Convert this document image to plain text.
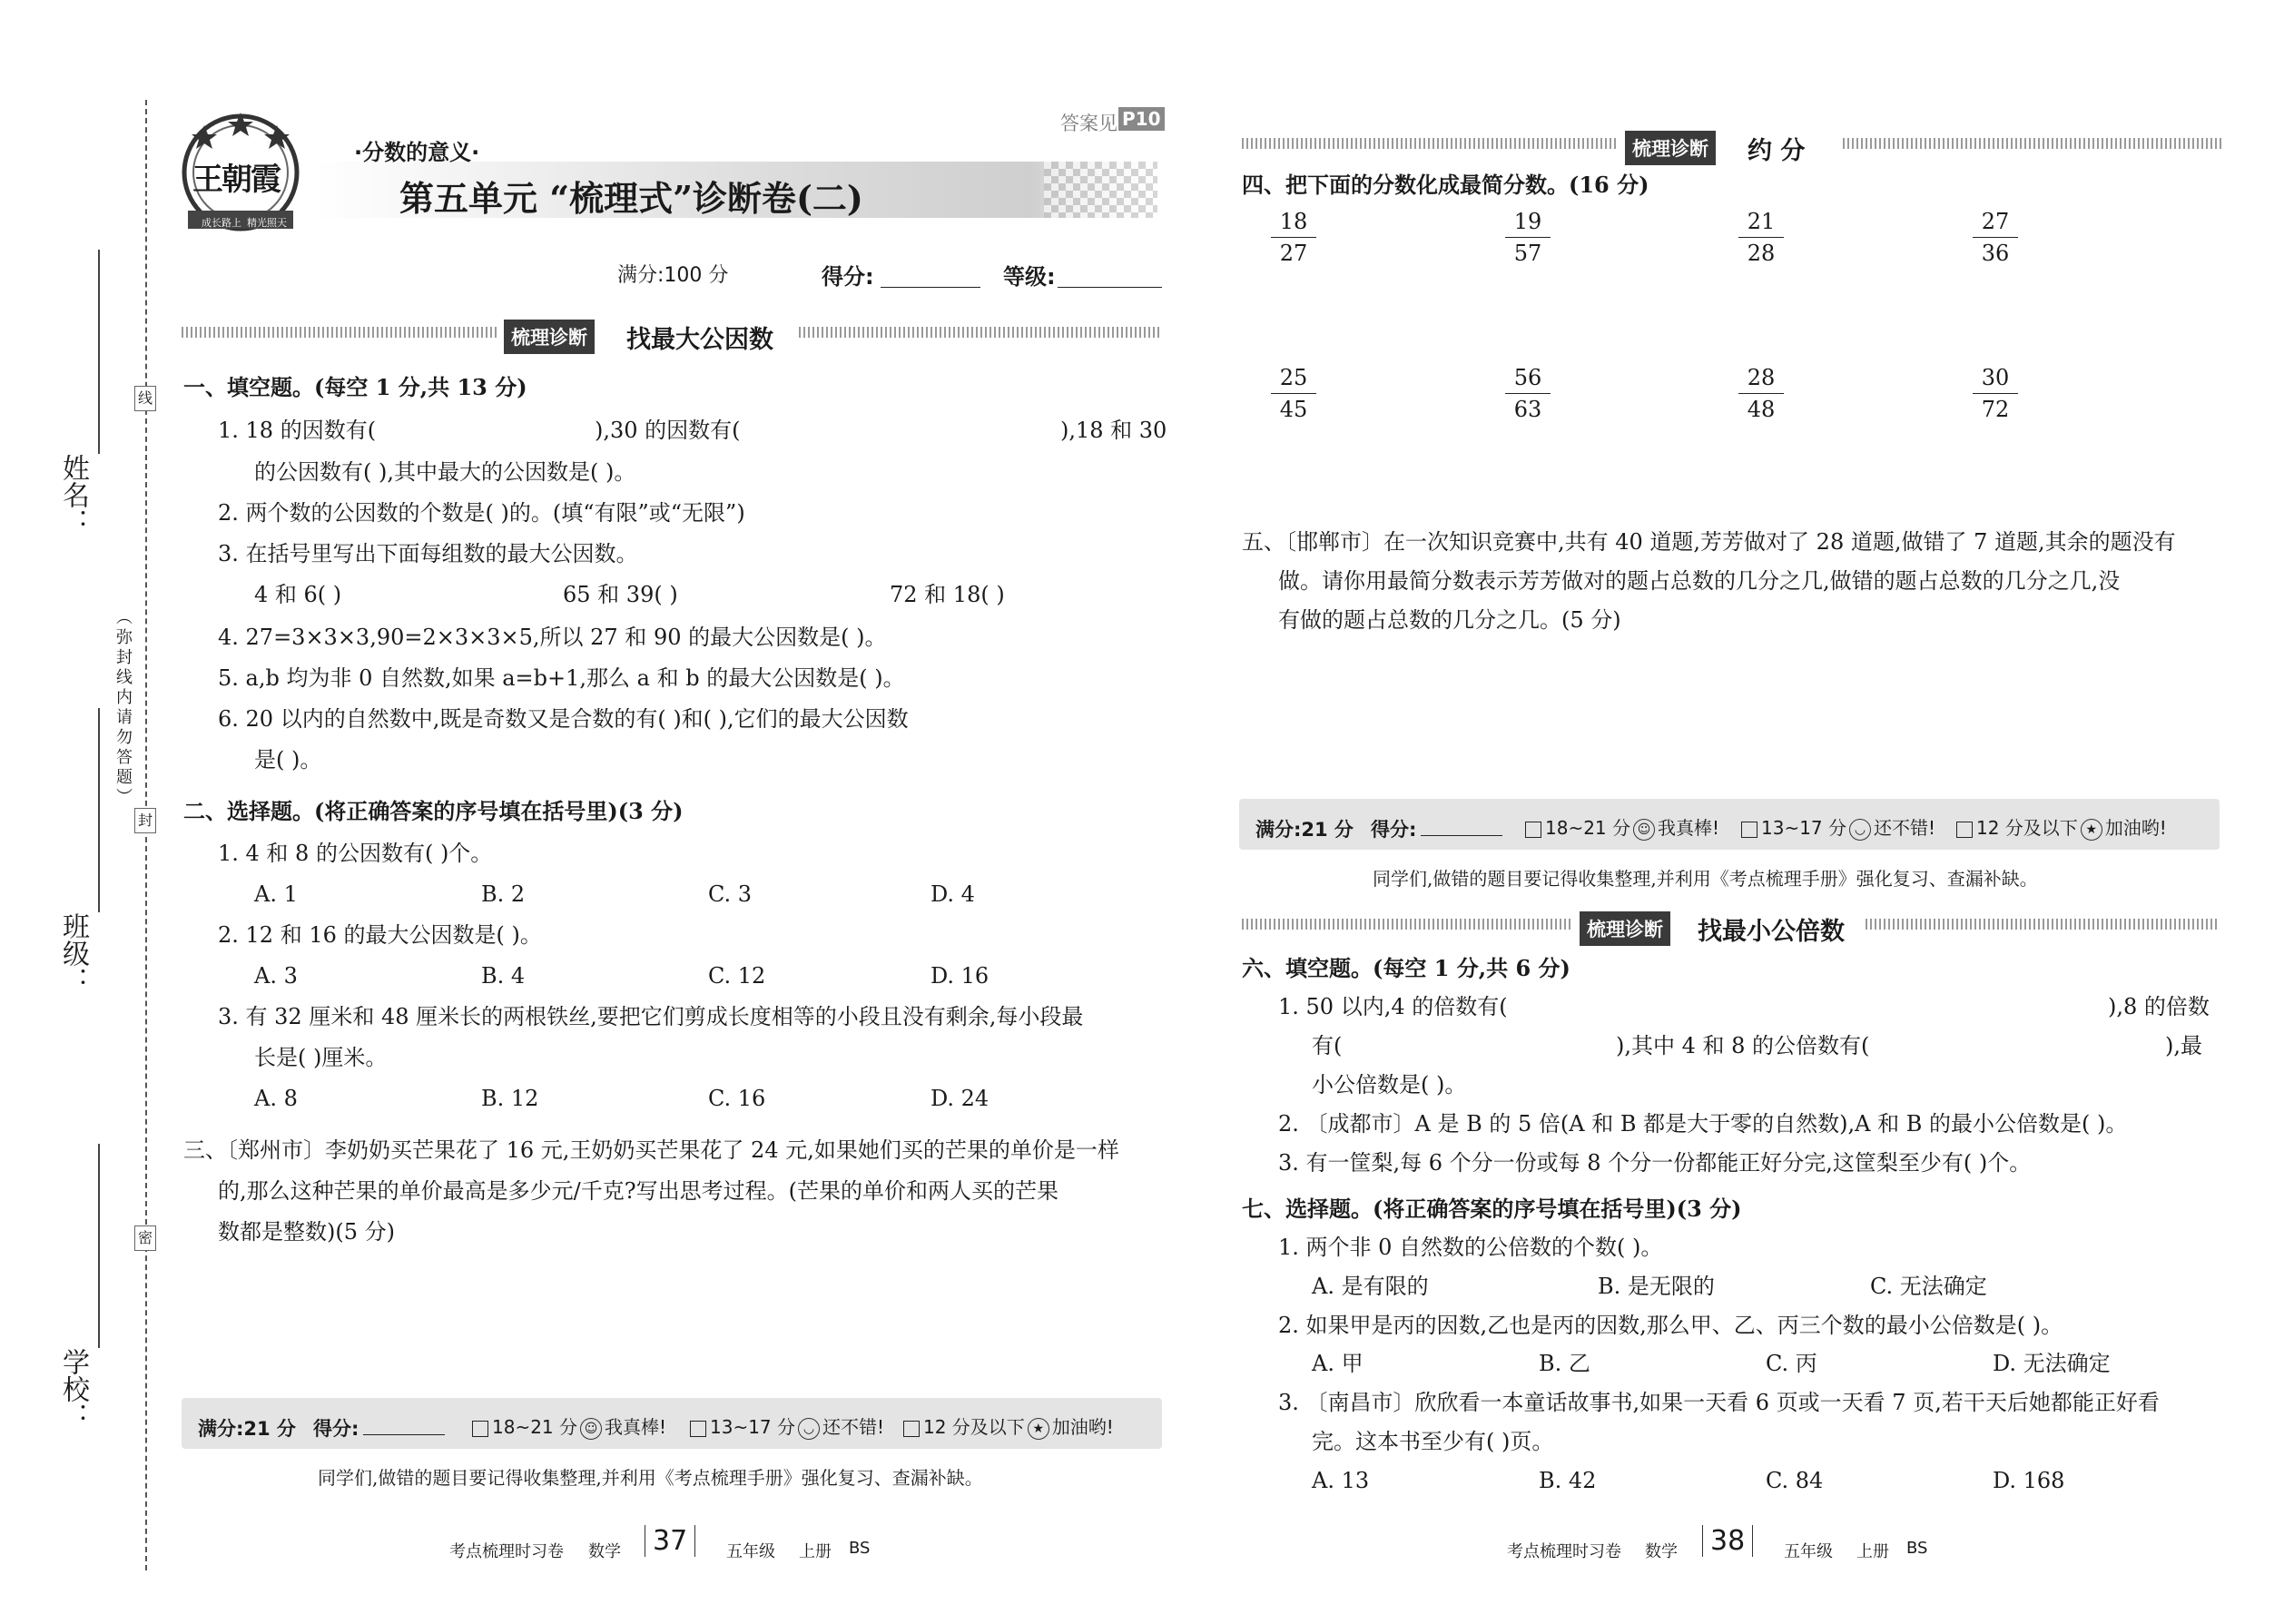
姓名：
班级：
学校：
（弥封线内请勿答题）
线
封
密
王朝霞
成长路上 精光照天
·分数的意义·
第五单元 “梳理式”诊断卷(二)
答案见 P10
满分:100 分	得分:	等级:
梳理诊断 找最大公因数
一、填空题。(每空 1 分,共 13 分)
1. 18 的因数有(	),30 的因数有(	),18 和 30
的公因数有( ),其中最大的公因数是( )。
2. 两个数的公因数的个数是( )的。(填“有限”或“无限”)
3. 在括号里写出下面每组数的最大公因数。
4 和 6( )	65 和 39( )	72 和 18( )
4. 27=3×3×3,90=2×3×3×5,所以 27 和 90 的最大公因数是( )。
5. a,b 均为非 0 自然数,如果 a=b+1,那么 a 和 b 的最大公因数是( )。
6. 20 以内的自然数中,既是奇数又是合数的有( )和( ),它们的最大公因数
是( )。
二、选择题。(将正确答案的序号填在括号里)(3 分)
1. 4 和 8 的公因数有( )个。
A. 1	B. 2	C. 3	D. 4
2. 12 和 16 的最大公因数是( )。
A. 3	B. 4	C. 12	D. 16
3. 有 32 厘米和 48 厘米长的两根铁丝,要把它们剪成长度相等的小段且没有剩余,每小段最
长是( )厘米。
A. 8	B. 12	C. 16	D. 24
三、〔郑州市〕李奶奶买芒果花了 16 元,王奶奶买芒果花了 24 元,如果她们买的芒果的单价是一样
的,那么这种芒果的单价最高是多少元/千克?写出思考过程。(芒果的单价和两人买的芒果
数都是整数)(5 分)
满分:21 分 得分:	18~21 分 ☺ 我真棒!	13~17 分 ◡ 还不错!	12 分及以下 ★ 加油哟!
同学们,做错的题目要记得收集整理,并利用《考点梳理手册》强化复习、查漏补缺。
考点梳理时习卷 数学	37	五年级 上册 BS
梳理诊断 约 分
四、把下面的分数化成最简分数。(16 分)
$\frac{18}{27}$	$\frac{19}{57}$	$\frac{21}{28}$	$\frac{27}{36}$
$\frac{25}{45}$	$\frac{56}{63}$	$\frac{28}{48}$	$\frac{30}{72}$
五、〔邯郸市〕在一次知识竞赛中,共有 40 道题,芳芳做对了 28 道题,做错了 7 道题,其余的题没有
做。请你用最简分数表示芳芳做对的题占总数的几分之几,做错的题占总数的几分之几,没
有做的题占总数的几分之几。(5 分)
满分:21 分 得分:	18~21 分 ☺ 我真棒!	13~17 分 ◡ 还不错!	12 分及以下 ★ 加油哟!
同学们,做错的题目要记得收集整理,并利用《考点梳理手册》强化复习、查漏补缺。
梳理诊断 找最小公倍数
六、填空题。(每空 1 分,共 6 分)
1. 50 以内,4 的倍数有(	),8 的倍数
有(	),其中 4 和 8 的公倍数有(	),最
小公倍数是( )。
2. 〔成都市〕A 是 B 的 5 倍(A 和 B 都是大于零的自然数),A 和 B 的最小公倍数是( )。
3. 有一筐梨,每 6 个分一份或每 8 个分一份都能正好分完,这筐梨至少有( )个。
七、选择题。(将正确答案的序号填在括号里)(3 分)
1. 两个非 0 自然数的公倍数的个数( )。
A. 是有限的	B. 是无限的	C. 无法确定
2. 如果甲是丙的因数,乙也是丙的因数,那么甲、乙、丙三个数的最小公倍数是( )。
A. 甲	B. 乙	C. 丙	D. 无法确定
3. 〔南昌市〕欣欣看一本童话故事书,如果一天看 6 页或一天看 7 页,若干天后她都能正好看
完。这本书至少有( )页。
A. 13	B. 42	C. 84	D. 168
考点梳理时习卷 数学	38	五年级 上册 BS
